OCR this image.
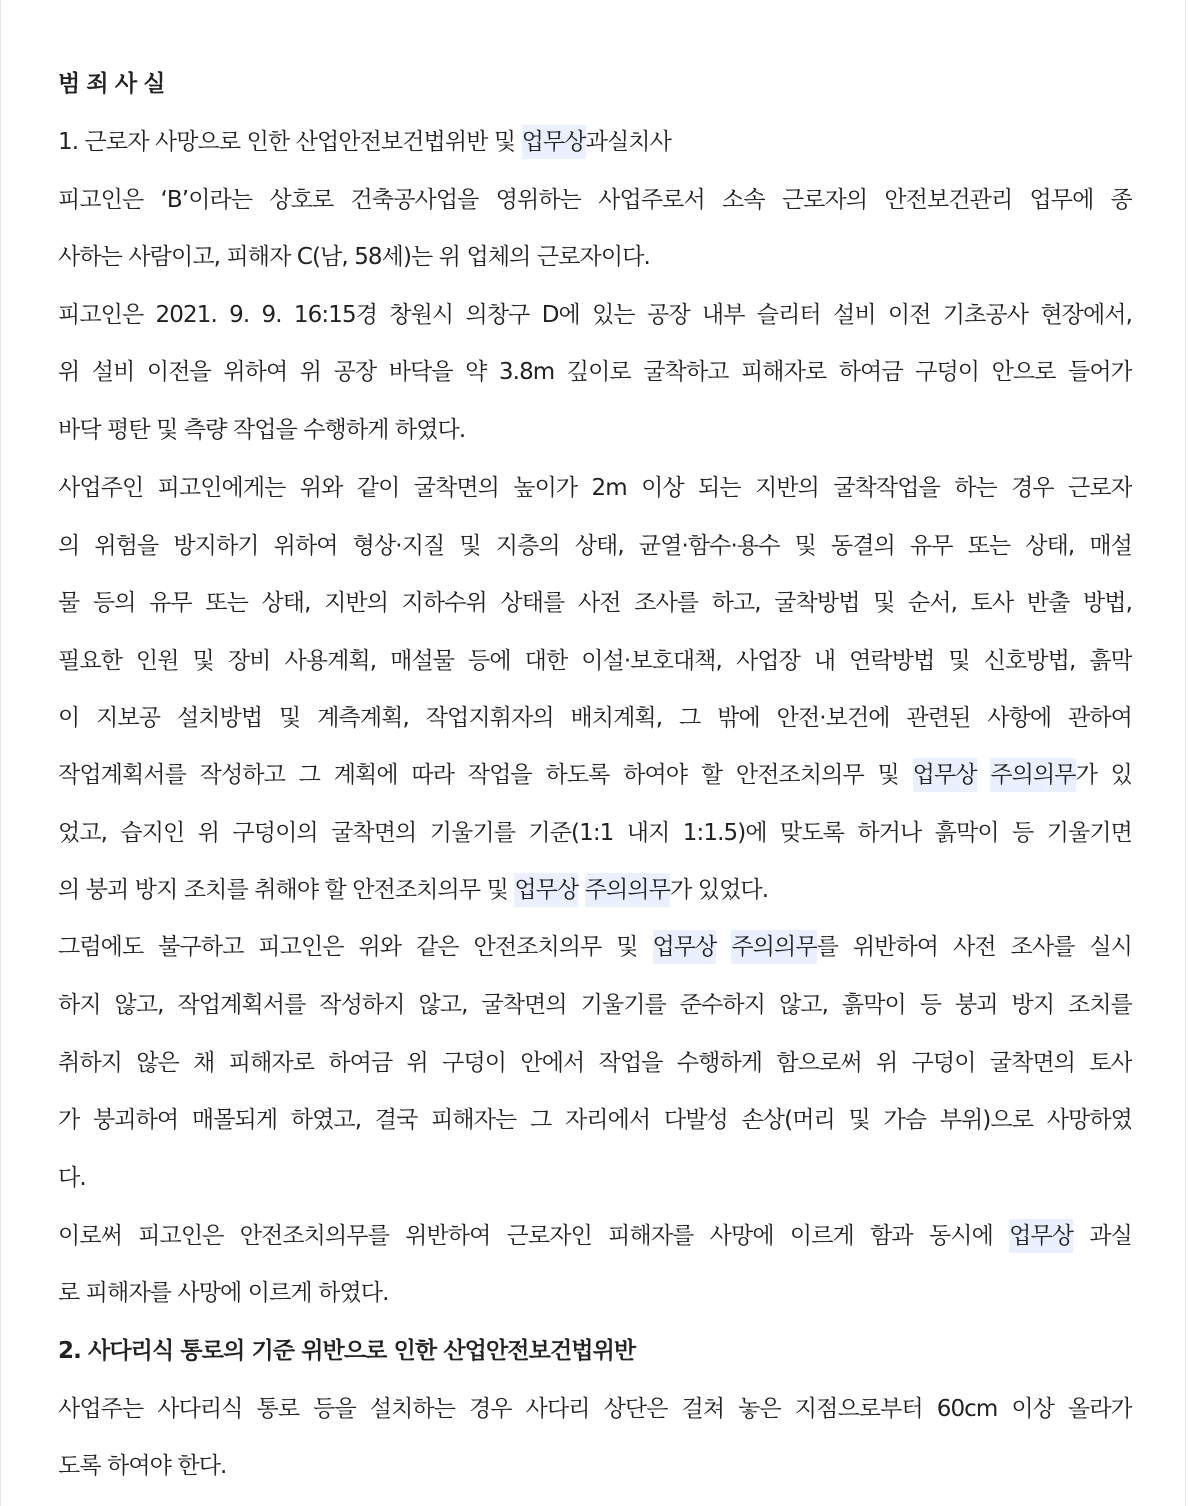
범 죄 사 실
1. 근로자 사망으로 인한 산업안전보건법위반 및 업무상과실치사
피고인은 ‘B’이라는 상호로 건축공사업을 영위하는 사업주로서 소속 근로자의 안전보건관리 업무에 종
사하는 사람이고, 피해자 C(남, 58세)는 위 업체의 근로자이다.
피고인은 2021. 9. 9. 16:15경 창원시 의창구 D에 있는 공장 내부 슬리터 설비 이전 기초공사 현장에서,
위 설비 이전을 위하여 위 공장 바닥을 약 3.8m 깊이로 굴착하고 피해자로 하여금 구덩이 안으로 들어가
바닥 평탄 및 측량 작업을 수행하게 하였다.
사업주인 피고인에게는 위와 같이 굴착면의 높이가 2m 이상 되는 지반의 굴착작업을 하는 경우 근로자
의 위험을 방지하기 위하여 형상·지질 및 지층의 상태, 균열·함수·용수 및 동결의 유무 또는 상태, 매설
물 등의 유무 또는 상태, 지반의 지하수위 상태를 사전 조사를 하고, 굴착방법 및 순서, 토사 반출 방법,
필요한 인원 및 장비 사용계획, 매설물 등에 대한 이설·보호대책, 사업장 내 연락방법 및 신호방법, 흙막
이 지보공 설치방법 및 계측계획, 작업지휘자의 배치계획, 그 밖에 안전·보건에 관련된 사항에 관하여
작업계획서를 작성하고 그 계획에 따라 작업을 하도록 하여야 할 안전조치의무 및 업무상 주의의무가 있
었고, 습지인 위 구덩이의 굴착면의 기울기를 기준(1:1 내지 1:1.5)에 맞도록 하거나 흙막이 등 기울기면
의 붕괴 방지 조치를 취해야 할 안전조치의무 및 업무상 주의의무가 있었다.
그럼에도 불구하고 피고인은 위와 같은 안전조치의무 및 업무상 주의의무를 위반하여 사전 조사를 실시
하지 않고, 작업계획서를 작성하지 않고, 굴착면의 기울기를 준수하지 않고, 흙막이 등 붕괴 방지 조치를
취하지 않은 채 피해자로 하여금 위 구덩이 안에서 작업을 수행하게 함으로써 위 구덩이 굴착면의 토사
가 붕괴하여 매몰되게 하였고, 결국 피해자는 그 자리에서 다발성 손상(머리 및 가슴 부위)으로 사망하였
다.
이로써 피고인은 안전조치의무를 위반하여 근로자인 피해자를 사망에 이르게 함과 동시에 업무상 과실
로 피해자를 사망에 이르게 하였다.
2. 사다리식 통로의 기준 위반으로 인한 산업안전보건법위반
사업주는 사다리식 통로 등을 설치하는 경우 사다리 상단은 걸쳐 놓은 지점으로부터 60cm 이상 올라가
도록 하여야 한다.
